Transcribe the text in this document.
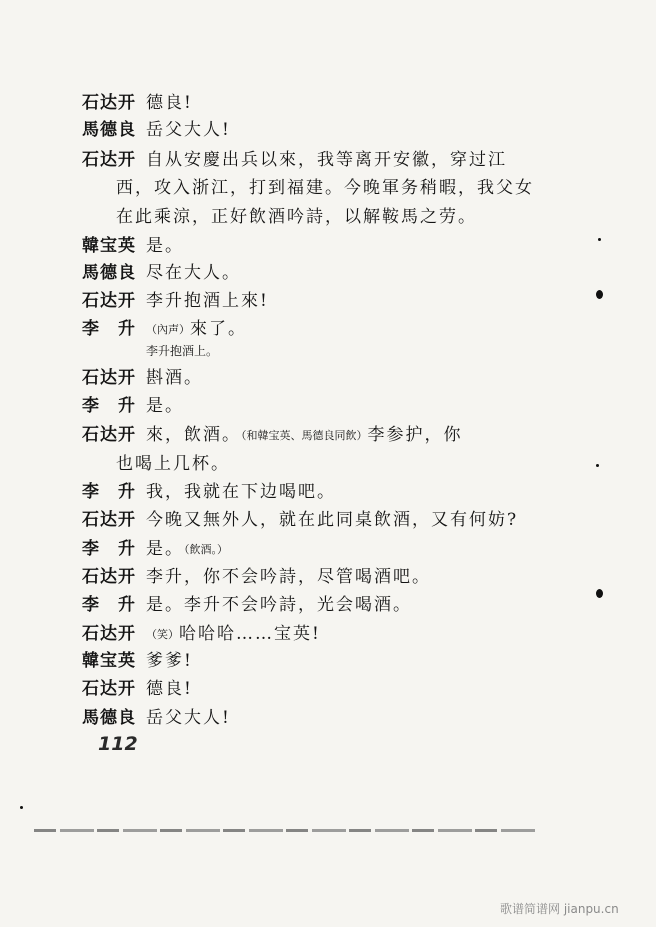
石达开 德良!
馬德良 岳父大人!
石达开 自从安慶出兵以來，我等离开安徽，穿过江
西，攻入浙江，打到福建。今晚軍务稍暇，我父女
在此乘涼，正好飲酒吟詩，以解鞍馬之劳。
韓宝英 是。
馬德良 尽在大人。
石达开 李升抱酒上來!
李　升 （內声）來了。
李升抱酒上。
石达开 斟酒。
李　升 是。
石达开 來，飲酒。（和韓宝英、馬德良同飲）李参护，你
也喝上几杯。
李　升 我，我就在下边喝吧。
石达开 今晚又無外人，就在此同桌飲酒，又有何妨?
李　升 是。（飲酒。）
石达开 李升，你不会吟詩，尽管喝酒吧。
李　升 是。李升不会吟詩，光会喝酒。
石达开 （笑）哈哈哈……宝英!
韓宝英 爹爹!
石达开 德良!
馬德良 岳父大人!
112
歌谱简谱网 jianpu.cn
